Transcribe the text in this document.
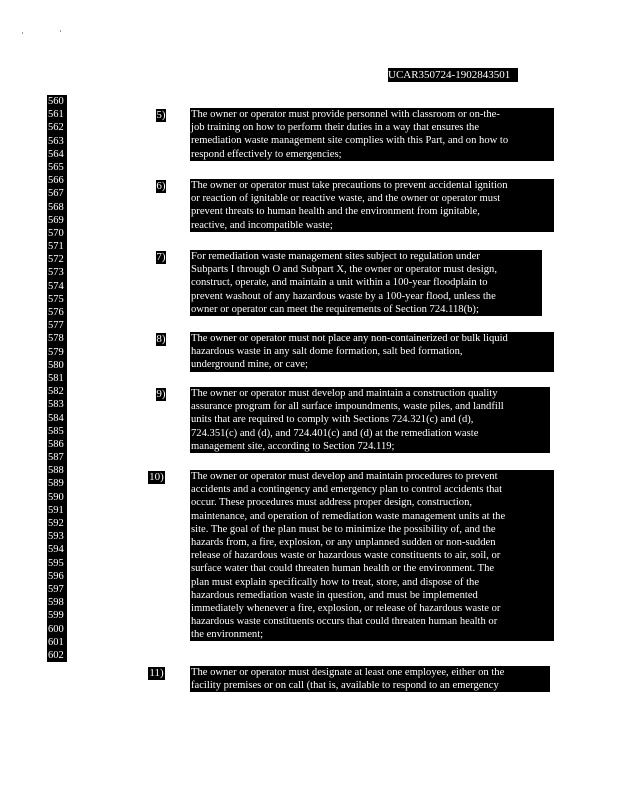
UCAR350724-1902843501
560
561
562
563
564
565
566
567
568
569
570
571
572
573
574
575
576
577
578
579
580
581
582
583
584
585
586
587
588
589
590
591
592
593
594
595
596
597
598
599
600
601
602
5) The owner or operator must provide personnel with classroom or on-the-
job training on how to perform their duties in a way that ensures the
remediation waste management site complies with this Part, and on how to
respond effectively to emergencies;
6) The owner or operator must take precautions to prevent accidental ignition
or reaction of ignitable or reactive waste, and the owner or operator must
prevent threats to human health and the environment from ignitable,
reactive, and incompatible waste;
7) For remediation waste management sites subject to regulation under
Subparts I through O and Subpart X, the owner or operator must design,
construct, operate, and maintain a unit within a 100-year floodplain to
prevent washout of any hazardous waste by a 100-year flood, unless the
owner or operator can meet the requirements of Section 724.118(b);
8) The owner or operator must not place any non-containerized or bulk liquid
hazardous waste in any salt dome formation, salt bed formation,
underground mine, or cave;
9) The owner or operator must develop and maintain a construction quality
assurance program for all surface impoundments, waste piles, and landfill
units that are required to comply with Sections 724.321(c) and (d),
724.351(c) and (d), and 724.401(c) and (d) at the remediation waste
management site, according to Section 724.119;
10)	The owner or operator must develop and maintain procedures to prevent
accidents and a contingency and emergency plan to control accidents that
occur. These procedures must address proper design, construction,
maintenance, and operation of remediation waste management units at the
site. The goal of the plan must be to minimize the possibility of, and the
hazards from, a fire, explosion, or any unplanned sudden or non-sudden
release of hazardous waste or hazardous waste constituents to air, soil, or
surface water that could threaten human health or the environment. The
plan must explain specifically how to treat, store, and dispose of the
hazardous remediation waste in question, and must be implemented
immediately whenever a fire, explosion, or release of hazardous waste or
hazardous waste constituents occurs that could threaten human health or
the environment;
11)	The owner or operator must designate at least one employee, either on the
facility premises or on call (that is, available to respond to an emergency
